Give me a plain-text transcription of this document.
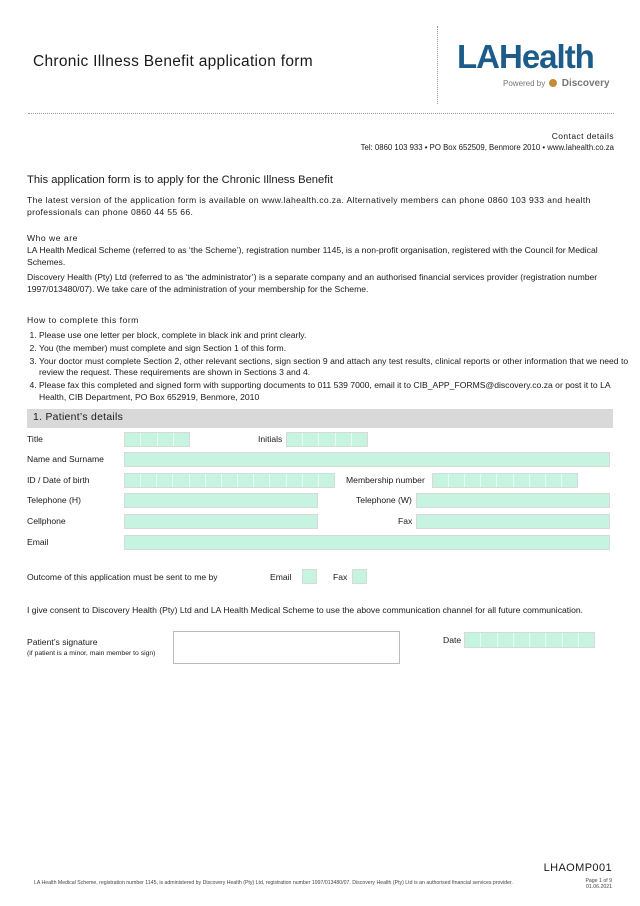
Chronic Illness Benefit application form	LAHealth
Powered by Discovery
Contact details
Tel: 0860 103 933 • PO Box 652509, Benmore 2010 • www.lahealth.co.za
This application form is to apply for the Chronic Illness Benefit
The latest version of the application form is available on www.lahealth.co.za. Alternatively members can phone 0860 103 933 and health professionals can phone 0860 44 55 66.
Who we are
LA Health Medical Scheme (referred to as ‘the Scheme’), registration number 1145, is a non-profit organisation, registered with the Council for Medical Schemes.
Discovery Health (Pty) Ltd (referred to as ‘the administrator’) is a separate company and an authorised financial services provider (registration number 1997/013480/07). We take care of the administration of your membership for the Scheme.
How to complete this form
1. Please use one letter per block, complete in black ink and print clearly.
2. You (the member) must complete and sign Section 1 of this form.
3. Your doctor must complete Section 2, other relevant sections, sign section 9 and attach any test results, clinical reports or other information that we need to review the request. These requirements are shown in Sections 3 and 4.
4. Please fax this completed and signed form with supporting documents to 011 539 7000, email it to CIB_APP_FORMS@discovery.co.za or post it to LA Health, CIB Department, PO Box 652919, Benmore, 2010
1. Patient’s details
Title	Initials
Name and Surname
ID / Date of birth	Membership number
Telephone (H)	Telephone (W)
Cellphone	Fax
Email
Outcome of this application must be sent to me by	Email	Fax
I give consent to Discovery Health (Pty) Ltd and LA Health Medical Scheme to use the above communication channel for all future communication.
Patient’s signature
(if patient is a minor, main member to sign)
Date
LHAOMP001
LA Health Medical Scheme, registration number 1145, is administered by Discovery Health (Pty) Ltd, registration number 1997/013480/07. Discovery Health (Pty) Ltd is an authorised financial services provider.	Page 1 of 9
01.06.2021
